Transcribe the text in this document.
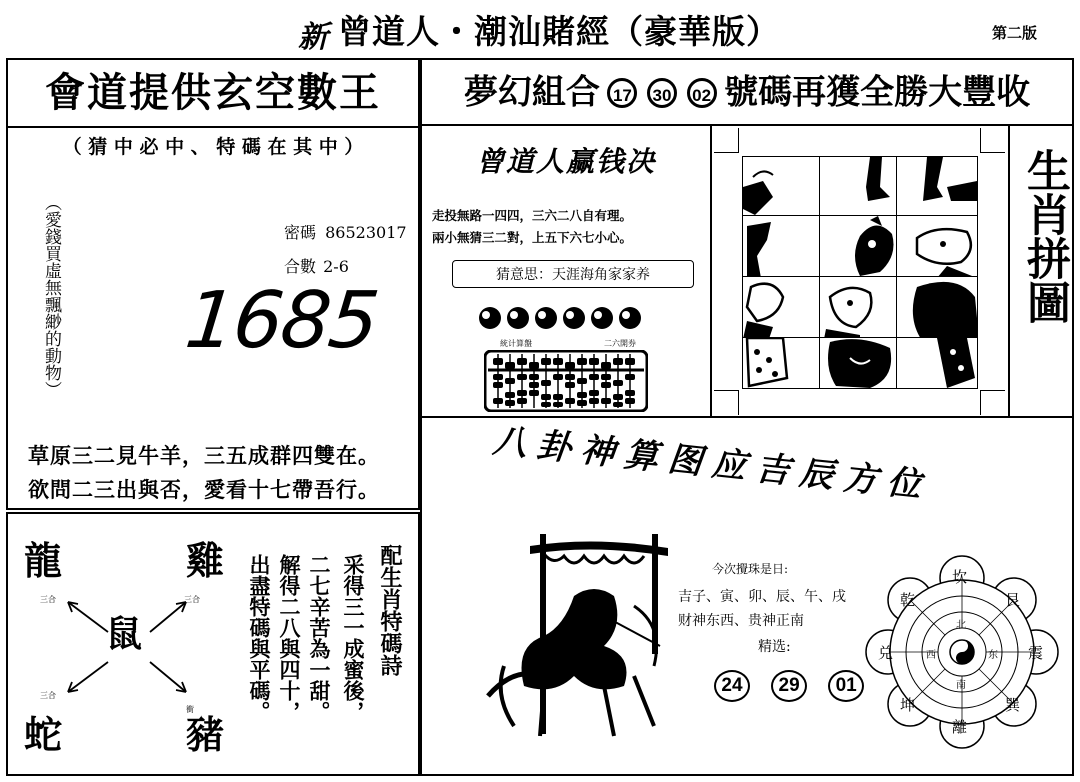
新 曾道人・潮汕賭經（豪華版）	第二版
會道提供玄空數王
（ 猜 中 必 中 、 特 碼 在 其 中 ）
（愛錢買虛無飄緲的動物）	密碼 86523017
合數 2-6
1685
草原三二見牛羊，三五成群四雙在。
欲問二三出與否，愛看十七帶吾行。
夢幻組合 17 30 02 號碼再獲全勝大豐收
曾道人赢钱决
走投無路一四四，三六二八自有理。
兩小無猜三二對，上五下六七小心。
猜意思：天涯海角家家养
統计算盤	二六開券
生肖拼圖
龍	雞
鼠
蛇	豬
三合	三合
三合
衝
配生肖特碼詩
采得三一成蜜後，
二七辛苦為一甜。
解得二八與四十，
出盡特碼與平碼。
八卦神算图应吉辰方位
今次攪珠是日:
吉子、寅、卯、辰、午、戌
财神东西、贵神正南
精选:
24 29 01
坎
艮
震
巽
離
坤
兑
乾
北
东
南
西
